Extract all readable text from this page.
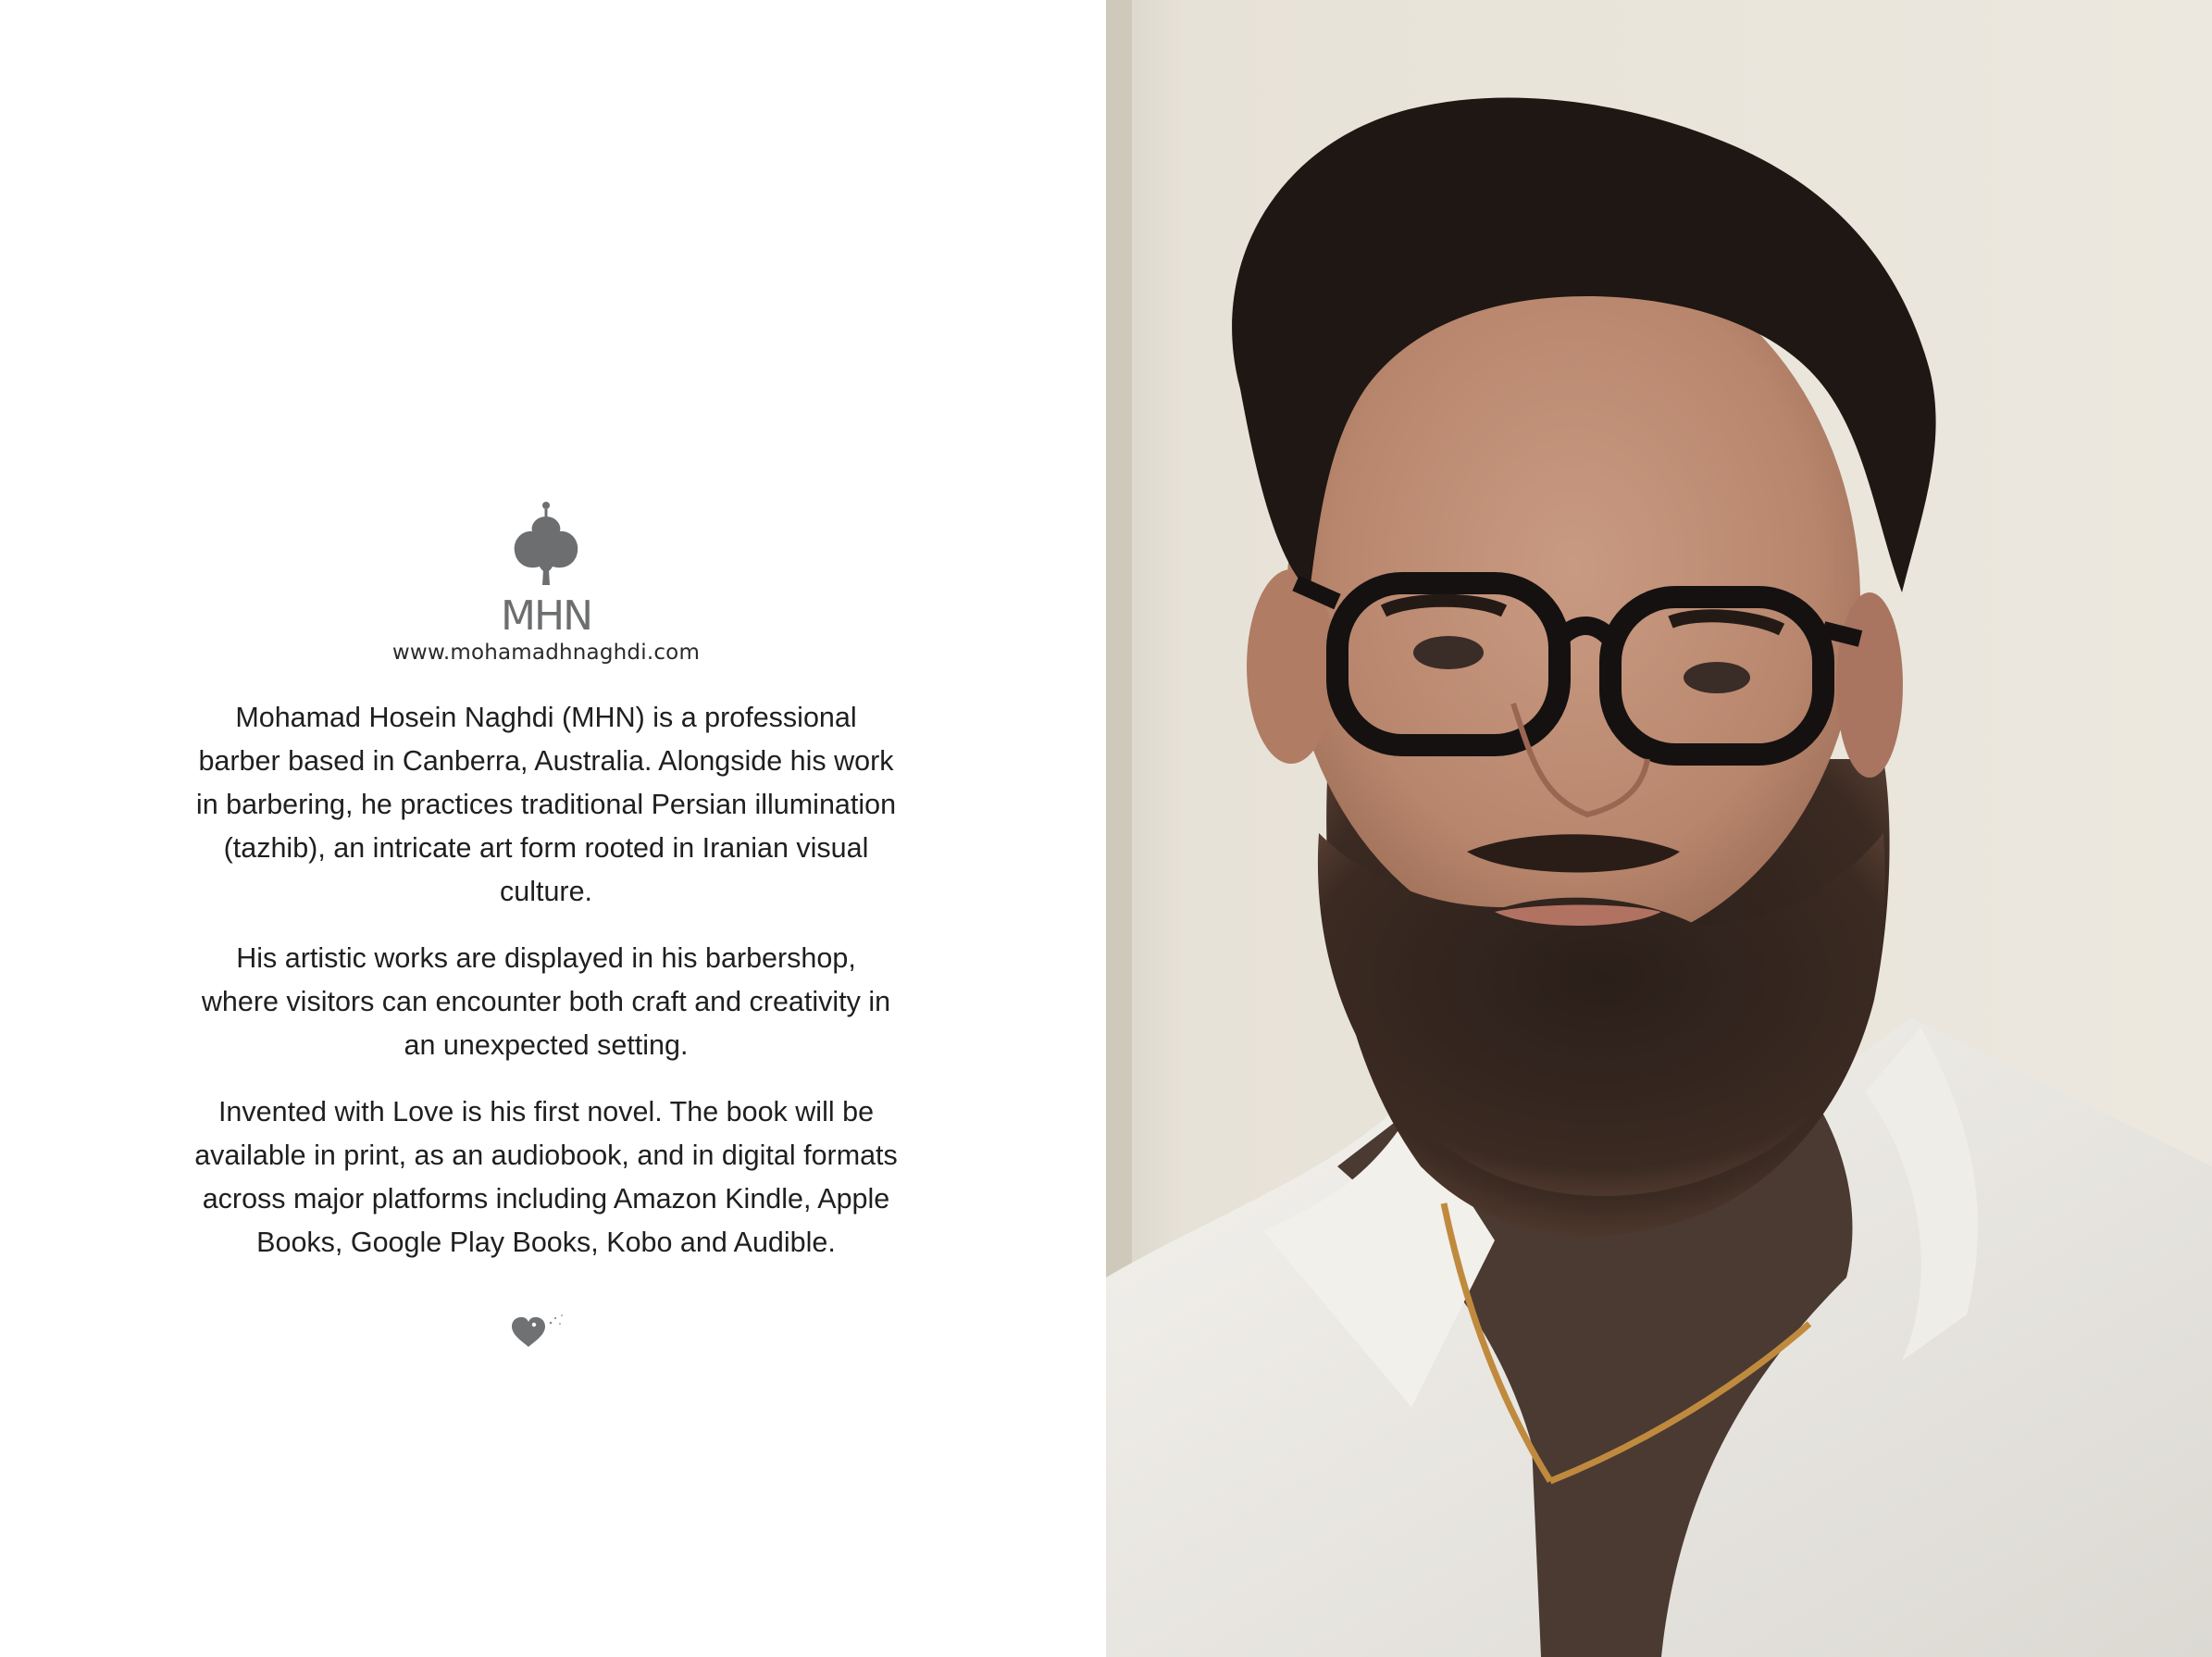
MHN
www.mohamadhnaghdi.com

Mohamad Hosein Naghdi (MHN) is a professional barber based in Canberra, Australia. Alongside his work in barbering, he practices traditional Persian illumination (tazhib), an intricate art form rooted in Iranian visual culture.

His artistic works are displayed in his barbershop, where visitors can encounter both craft and creativity in an unexpected setting.

Invented with Love is his first novel. The book will be available in print, as an audiobook, and in digital formats across major platforms including Amazon Kindle, Apple Books, Google Play Books, Kobo and Audible.
